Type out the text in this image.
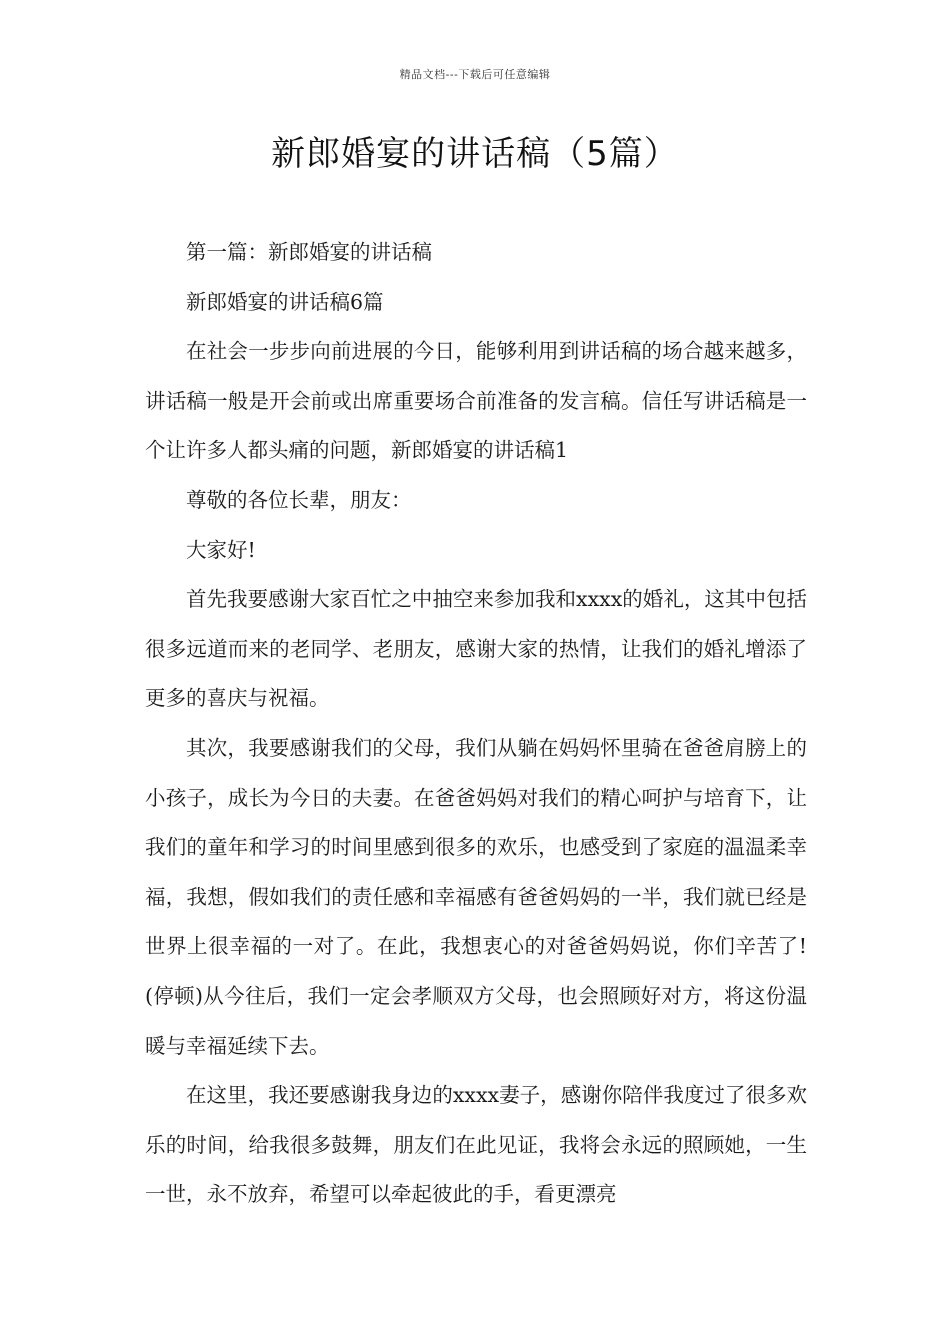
精品文档---下载后可任意编辑
新郎婚宴的讲话稿（5篇）

第一篇：新郎婚宴的讲话稿

新郎婚宴的讲话稿6篇

在社会一步步向前进展的今日，能够利用到讲话稿的场合越来越多，讲话稿一般是开会前或出席重要场合前准备的发言稿。信任写讲话稿是一个让许多人都头痛的问题，新郎婚宴的讲话稿1

尊敬的各位长辈，朋友：

大家好!

首先我要感谢大家百忙之中抽空来参加我和xxxx的婚礼，这其中包括很多远道而来的老同学、老朋友，感谢大家的热情，让我们的婚礼增添了更多的喜庆与祝福。

其次，我要感谢我们的父母，我们从躺在妈妈怀里骑在爸爸肩膀上的小孩子，成长为今日的夫妻。在爸爸妈妈对我们的精心呵护与培育下，让我们的童年和学习的时间里感到很多的欢乐，也感受到了家庭的温温柔幸福，我想，假如我们的责任感和幸福感有爸爸妈妈的一半，我们就已经是世界上很幸福的一对了。在此，我想衷心的对爸爸妈妈说，你们辛苦了!(停顿)从今往后，我们一定会孝顺双方父母，也会照顾好对方，将这份温暖与幸福延续下去。

在这里，我还要感谢我身边的xxxx妻子，感谢你陪伴我度过了很多欢乐的时间，给我很多鼓舞，朋友们在此见证，我将会永远的照顾她，一生一世，永不放弃，希望可以牵起彼此的手，看更漂亮
